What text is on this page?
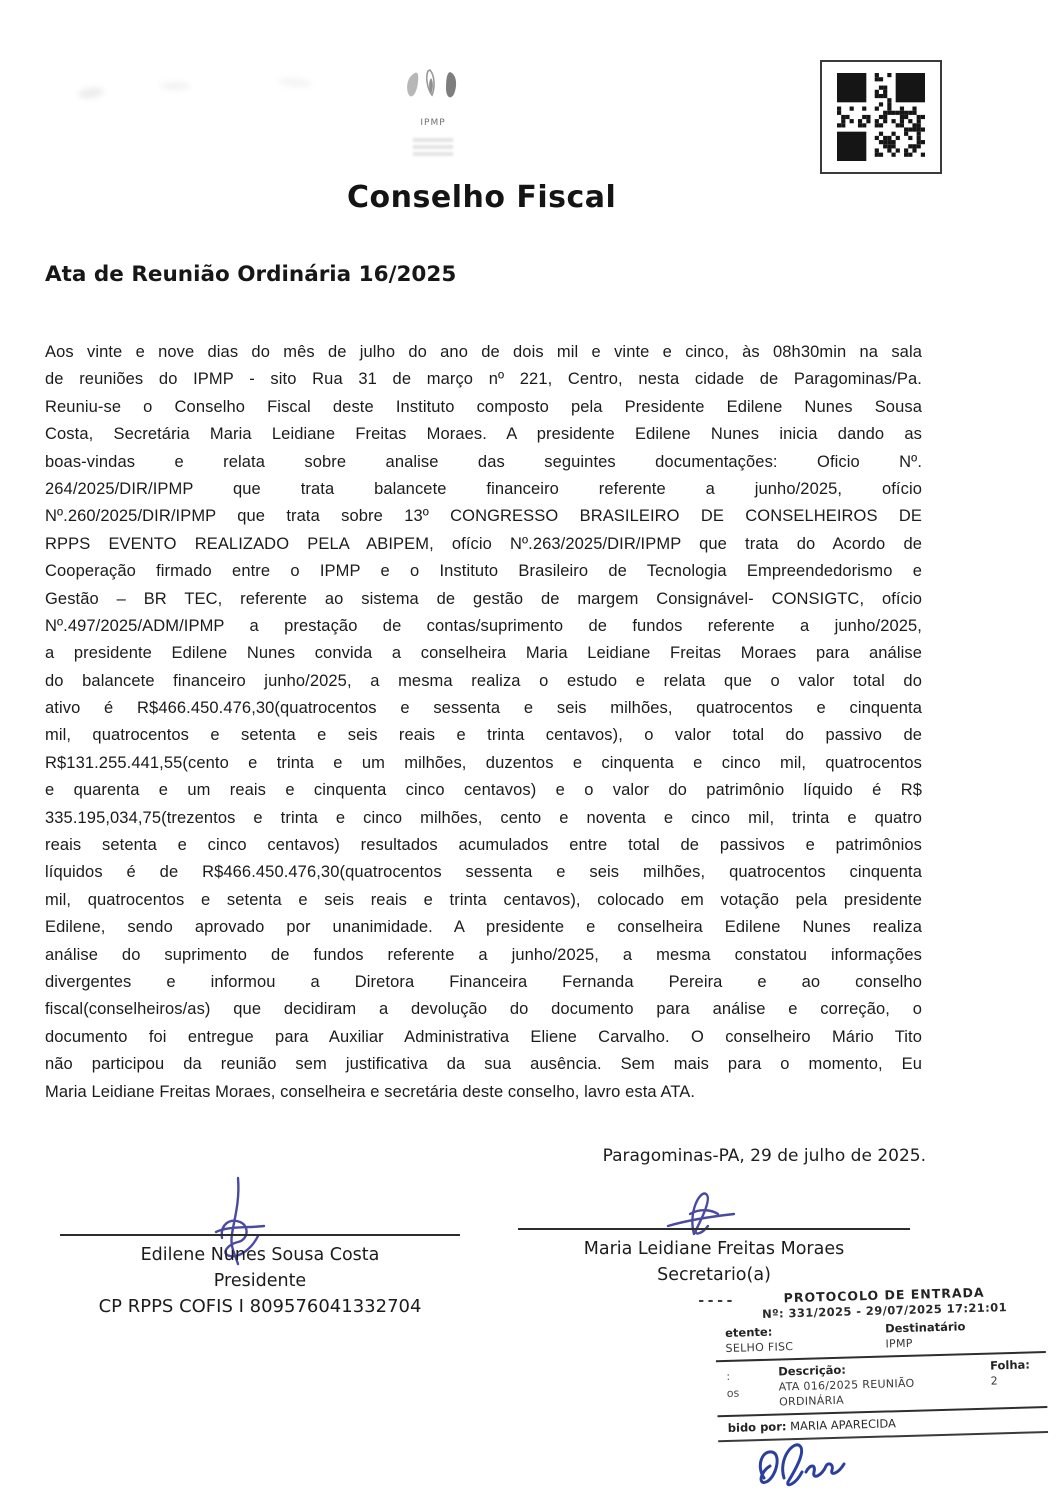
IPMP
Conselho Fiscal
Ata de Reunião Ordinária 16/2025
Aos vinte e nove dias do mês de julho do ano de dois mil e vinte e cinco, às 08h30min na sala
de reuniões do IPMP - sito Rua 31 de março nº 221, Centro, nesta cidade de Paragominas/Pa.
Reuniu-se o Conselho Fiscal deste Instituto composto pela Presidente Edilene Nunes Sousa
Costa, Secretária Maria Leidiane Freitas Moraes. A presidente Edilene Nunes inicia dando as
boas-vindas e relata sobre analise das seguintes documentações: Oficio Nº.
264/2025/DIR/IPMP que trata balancete financeiro referente a junho/2025, ofício
Nº.260/2025/DIR/IPMP que trata sobre 13º CONGRESSO BRASILEIRO DE CONSELHEIROS DE
RPPS EVENTO REALIZADO PELA ABIPEM, ofício Nº.263/2025/DIR/IPMP que trata do Acordo de
Cooperação firmado entre o IPMP e o Instituto Brasileiro de Tecnologia Empreendedorismo e
Gestão – BR TEC, referente ao sistema de gestão de margem Consignável- CONSIGTC, ofício
Nº.497/2025/ADM/IPMP a prestação de contas/suprimento de fundos referente a junho/2025,
a presidente Edilene Nunes convida a conselheira Maria Leidiane Freitas Moraes para análise
do balancete financeiro junho/2025, a mesma realiza o estudo e relata que o valor total do
ativo é R$466.450.476,30(quatrocentos e sessenta e seis milhões, quatrocentos e cinquenta
mil, quatrocentos e setenta e seis reais e trinta centavos), o valor total do passivo de
R$131.255.441,55(cento e trinta e um milhões, duzentos e cinquenta e cinco mil, quatrocentos
e quarenta e um reais e cinquenta cinco centavos) e o valor do patrimônio líquido é R$
335.195,034,75(trezentos e trinta e cinco milhões, cento e noventa e cinco mil, trinta e quatro
reais setenta e cinco centavos) resultados acumulados entre total de passivos e patrimônios
líquidos é de R$466.450.476,30(quatrocentos sessenta e seis milhões, quatrocentos cinquenta
mil, quatrocentos e setenta e seis reais e trinta centavos), colocado em votação pela presidente
Edilene, sendo aprovado por unanimidade. A presidente e conselheira Edilene Nunes realiza
análise do suprimento de fundos referente a junho/2025, a mesma constatou informações
divergentes e informou a Diretora Financeira Fernanda Pereira e ao conselho
fiscal(conselheiros/as) que decidiram a devolução do documento para análise e correção, o
documento foi entregue para Auxiliar Administrativa Eliene Carvalho. O conselheiro Mário Tito
não participou da reunião sem justificativa da sua ausência. Sem mais para o momento, Eu
Maria Leidiane Freitas Moraes, conselheira e secretária deste conselho, lavro esta ATA.
Paragominas-PA, 29 de julho de 2025.
Edilene Nunes Sousa Costa
Presidente
CP RPPS COFIS I 809576041332704
Maria Leidiane Freitas Moraes
Secretario(a)
----	PROTOCOLO DE ENTRADA
Nº: 331/2025 - 29/07/2025 17:21:01
etente:
SELHO FISC
Destinatário
IPMP
:
os
Descrição:
ATA 016/2025 REUNIÃO
ORDINÁRIA
Folha:
2
bido por: MARIA APARECIDA
